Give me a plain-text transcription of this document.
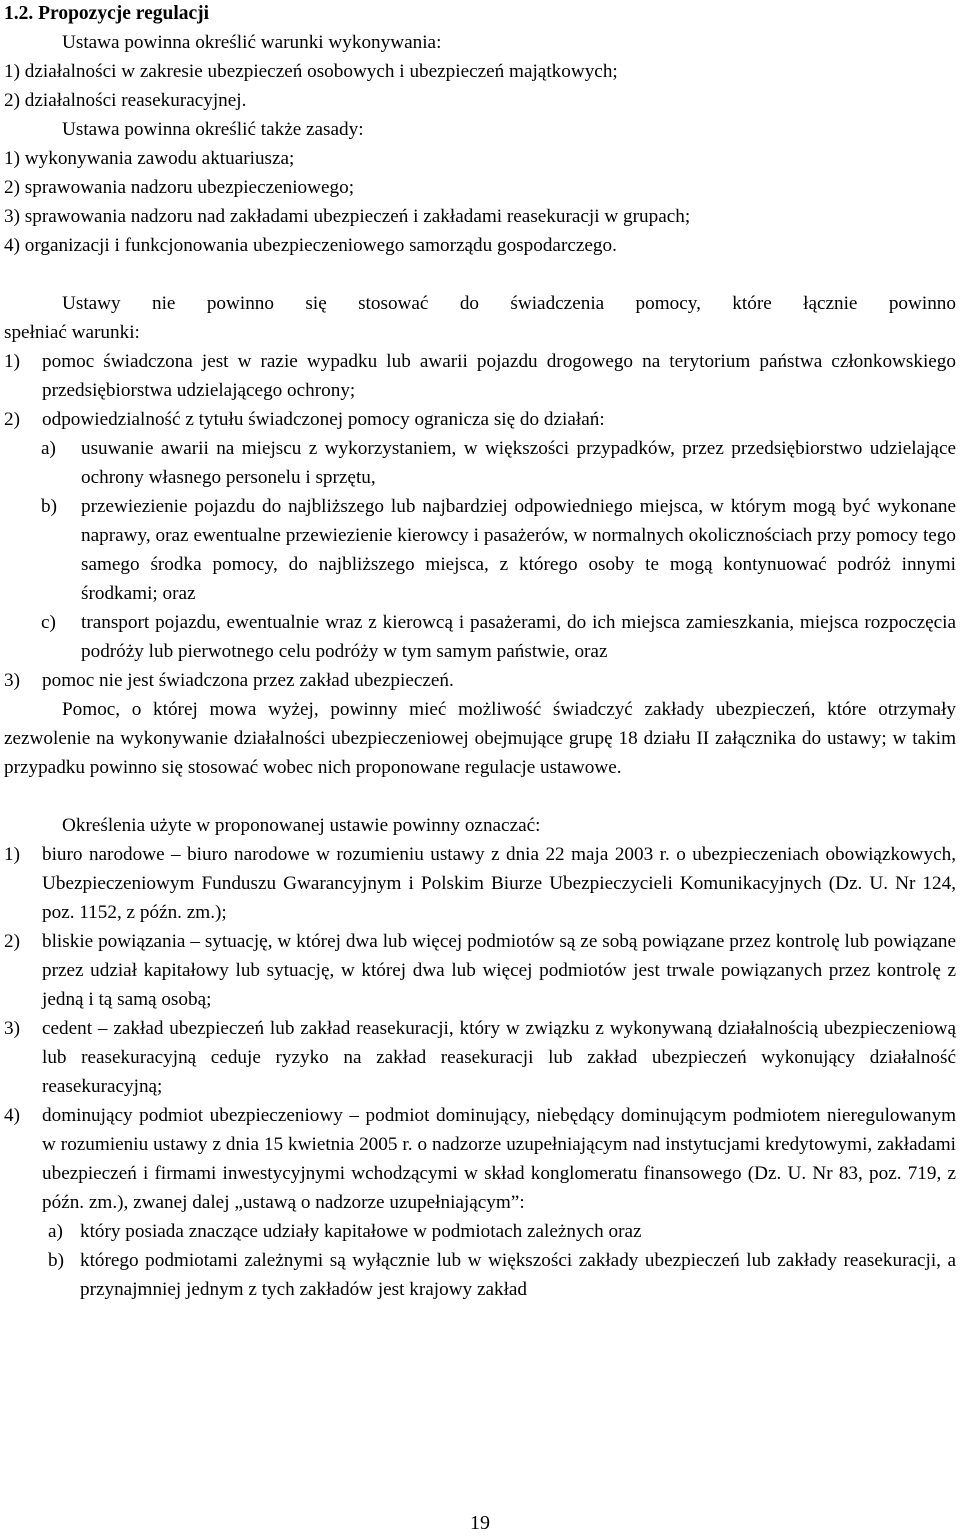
1.2. Propozycje regulacji
Ustawa powinna określić warunki wykonywania:
1) działalności w zakresie ubezpieczeń osobowych i ubezpieczeń majątkowych;
2) działalności reasekuracyjnej.
Ustawa powinna określić także zasady:
1) wykonywania zawodu aktuariusza;
2) sprawowania nadzoru ubezpieczeniowego;
3) sprawowania nadzoru nad zakładami ubezpieczeń i zakładami reasekuracji w grupach;
4) organizacji i funkcjonowania ubezpieczeniowego samorządu gospodarczego.
Ustawy nie powinno się stosować do świadczenia pomocy, które łącznie powinno
spełniać warunki:
1)	pomoc świadczona jest w razie wypadku lub awarii pojazdu drogowego na terytorium państwa członkowskiego przedsiębiorstwa udzielającego ochrony;
2)	odpowiedzialność z tytułu świadczonej pomocy ogranicza się do działań:
a)	usuwanie awarii na miejscu z wykorzystaniem, w większości przypadków, przez przedsiębiorstwo udzielające ochrony własnego personelu i sprzętu,
b)	przewiezienie pojazdu do najbliższego lub najbardziej odpowiedniego miejsca, w którym mogą być wykonane naprawy, oraz ewentualne przewiezienie kierowcy i pasażerów, w normalnych okolicznościach przy pomocy tego samego środka pomocy, do najbliższego miejsca, z którego osoby te mogą kontynuować podróż innymi środkami; oraz
c)	transport pojazdu, ewentualnie wraz z kierowcą i pasażerami, do ich miejsca zamieszkania, miejsca rozpoczęcia podróży lub pierwotnego celu podróży w tym samym państwie, oraz
3)	pomoc nie jest świadczona przez zakład ubezpieczeń.
Pomoc, o której mowa wyżej, powinny mieć możliwość świadczyć zakłady ubezpieczeń, które otrzymały zezwolenie na wykonywanie działalności ubezpieczeniowej obejmujące grupę 18 działu II załącznika do ustawy; w takim przypadku powinno się stosować wobec nich proponowane regulacje ustawowe.
Określenia użyte w proponowanej ustawie powinny oznaczać:
1)	biuro narodowe – biuro narodowe w rozumieniu ustawy z dnia 22 maja 2003 r. o ubezpieczeniach obowiązkowych, Ubezpieczeniowym Funduszu Gwarancyjnym i Polskim Biurze Ubezpieczycieli Komunikacyjnych (Dz. U. Nr 124, poz. 1152, z późn. zm.);
2)	bliskie powiązania – sytuację, w której dwa lub więcej podmiotów są ze sobą powiązane przez kontrolę lub powiązane przez udział kapitałowy lub sytuację, w której dwa lub więcej podmiotów jest trwale powiązanych przez kontrolę z jedną i tą samą osobą;
3)	cedent – zakład ubezpieczeń lub zakład reasekuracji, który w związku z wykonywaną działalnością ubezpieczeniową lub reasekuracyjną ceduje ryzyko na zakład reasekuracji lub zakład ubezpieczeń wykonujący działalność reasekuracyjną;
4)	dominujący podmiot ubezpieczeniowy – podmiot dominujący, niebędący dominującym podmiotem nieregulowanym w rozumieniu ustawy z dnia 15 kwietnia 2005 r. o nadzorze uzupełniającym nad instytucjami kredytowymi, zakładami ubezpieczeń i firmami inwestycyjnymi wchodzącymi w skład konglomeratu finansowego (Dz. U. Nr 83, poz. 719, z późn. zm.), zwanej dalej „ustawą o nadzorze uzupełniającym”:
a) który posiada znaczące udziały kapitałowe w podmiotach zależnych oraz
b) którego podmiotami zależnymi są wyłącznie lub w większości zakłady ubezpieczeń lub zakłady reasekuracji, a przynajmniej jednym z tych zakładów jest krajowy zakład
19
